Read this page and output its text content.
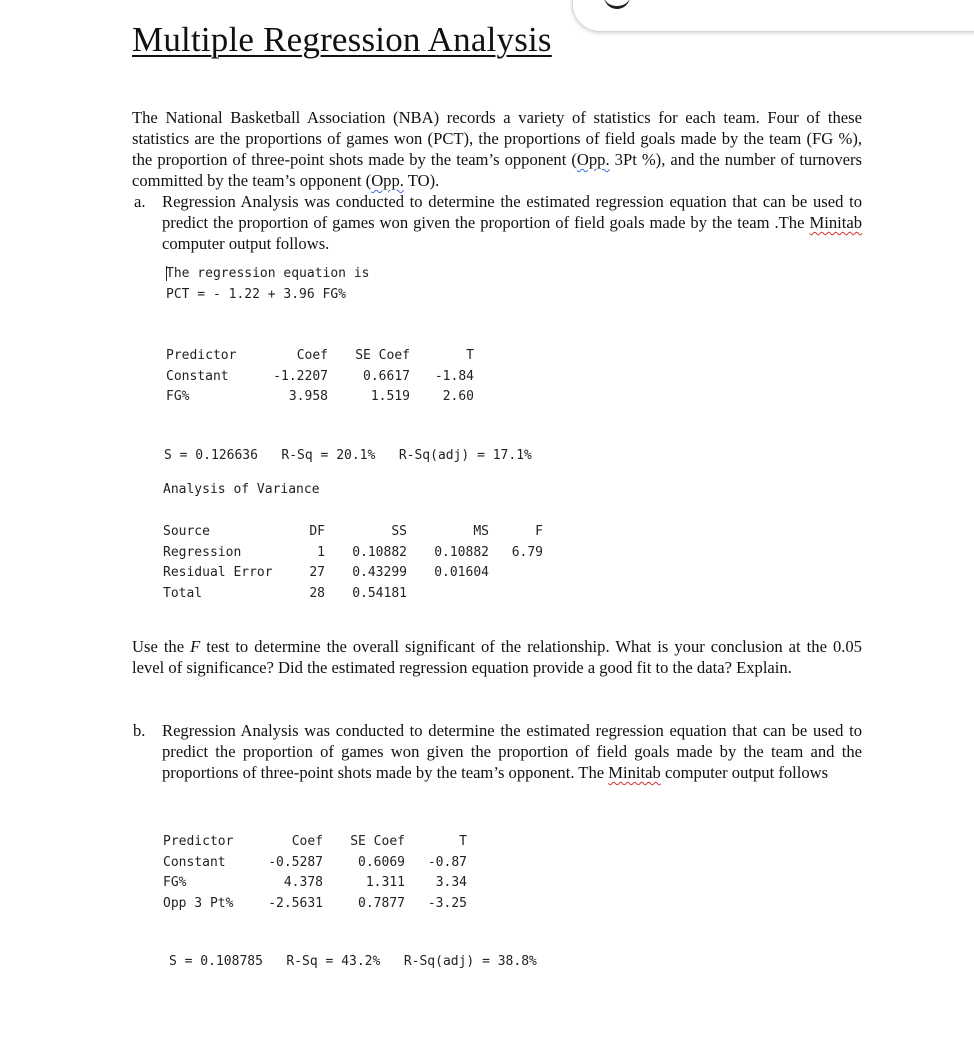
Multiple Regression Analysis

The National Basketball Association (NBA) records a variety of statistics for each team. Four of these statistics are the proportions of games won (PCT), the proportions of field goals made by the team (FG %), the proportion of three-point shots made by the team’s opponent (Opp. 3Pt %), and the number of turnovers committed by the team’s opponent (Opp. TO).

a. Regression Analysis was conducted to determine the estimated regression equation that can be used to predict the proportion of games won given the proportion of field goals made by the team .The Minitab computer output follows.

The regression equation is
PCT = - 1.22 + 3.96 FG%
Predictor	Coef	SE Coef	T
Constant	-1.2207	0.6617	-1.84
FG%	3.958	1.519	2.60
S = 0.126636 R-Sq = 20.1% R-Sq(adj) = 17.1%
Analysis of Variance
Source	DF	SS	MS	F
Regression	1	0.10882	0.10882	6.79
Residual Error	27	0.43299	0.01604	
Total	28	0.54181		

Use the F test to determine the overall significant of the relationship. What is your conclusion at the 0.05 level of significance? Did the estimated regression equation provide a good fit to the data? Explain.

b. Regression Analysis was conducted to determine the estimated regression equation that can be used to predict the proportion of games won given the proportion of field goals made by the team and the proportions of three-point shots made by the team’s opponent. The Minitab computer output follows

Predictor	Coef	SE Coef	T
Constant	-0.5287	0.6069	-0.87
FG%	4.378	1.311	3.34
Opp 3 Pt%	-2.5631	0.7877	-3.25
S = 0.108785 R-Sq = 43.2% R-Sq(adj) = 38.8%
